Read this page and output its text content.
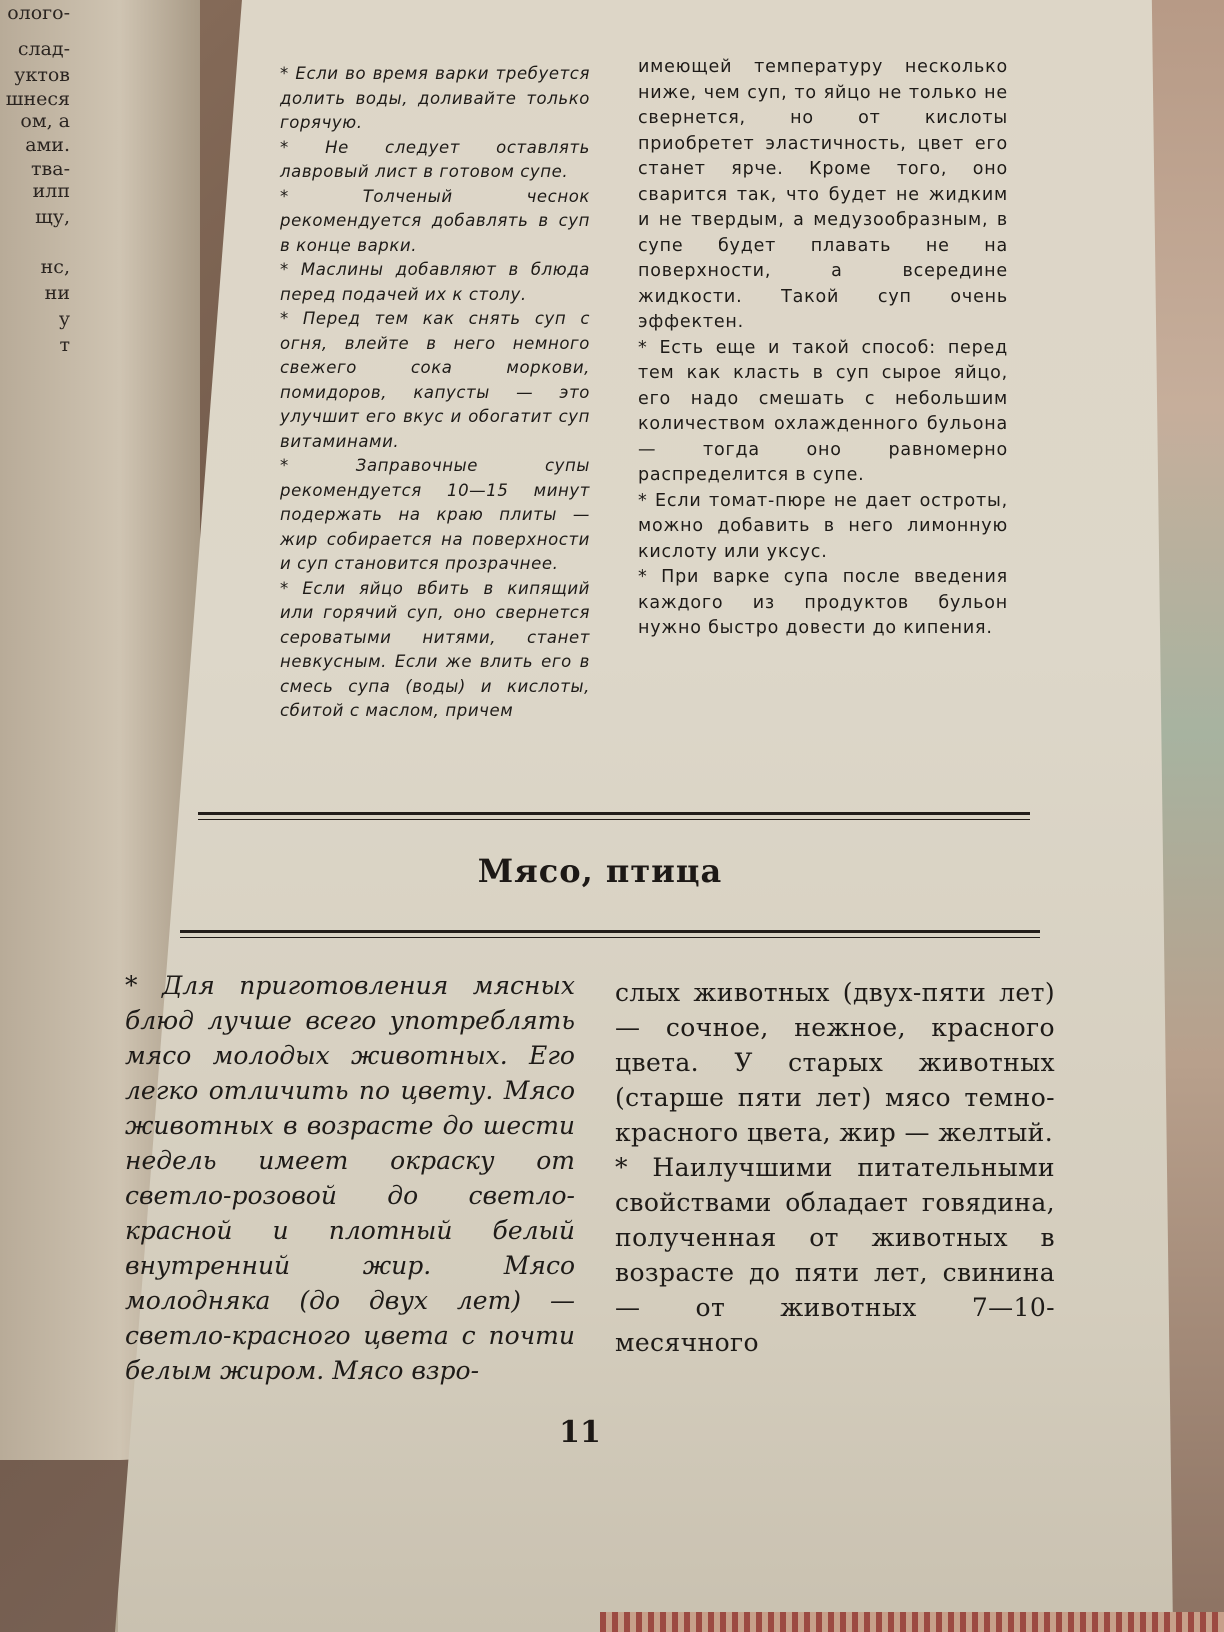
олого-
слад-
уктов
шнеся
ом, а
ами.
тва-
илп
щу,
нс,
ни
у
т

* Если во время варки требуется долить воды, доливайте только горячую.

* Не следует оставлять лавровый лист в готовом супе.

* Толченый чеснок рекомендуется добавлять в суп в конце варки.

* Маслины добавляют в блюда перед подачей их к столу.

* Перед тем как снять суп с огня, влейте в него немного свежего сока моркови, помидоров, капусты — это улучшит его вкус и обогатит суп витаминами.

* Заправочные супы рекомендуется 10—15 минут подержать на краю плиты — жир собирается на поверхности и суп становится прозрачнее.

* Если яйцо вбить в кипящий или горячий суп, оно свернется сероватыми нитями, станет невкусным. Если же влить его в смесь супа (воды) и кислоты, сбитой с маслом, причем

имеющей температуру несколько ниже, чем суп, то яйцо не только не свернется, но от кислоты приобретет эластичность, цвет его станет ярче. Кроме того, оно сварится так, что будет не жидким и не твердым, а медузообразным, в супе будет плавать не на поверхности, а всередине жидкости. Такой суп очень эффектен.

* Есть еще и такой способ: перед тем как класть в суп сырое яйцо, его надо смешать с небольшим количеством охлажденного бульона — тогда оно равномерно распределится в супе.

* Если томат-пюре не дает остроты, можно добавить в него лимонную кислоту или уксус.

* При варке супа после введения каждого из продуктов бульон нужно быстро довести до кипения.

Мясо, птица

* Для приготовления мясных блюд лучше всего употреблять мясо молодых животных. Его легко отличить по цвету. Мясо животных в возрасте до шести недель имеет окраску от светло-розовой до светло-красной и плотный белый внутренний жир. Мясо молодняка (до двух лет) — светло-красного цвета с почти белым жиром. Мясо взро-

слых животных (двух-пяти лет) — сочное, нежное, красного цвета. У старых животных (старше пяти лет) мясо темно-красного цвета, жир — желтый.

* Наилучшими питательными свойствами обладает говядина, полученная от животных в возрасте до пяти лет, свинина — от животных 7—10-месячного

11
